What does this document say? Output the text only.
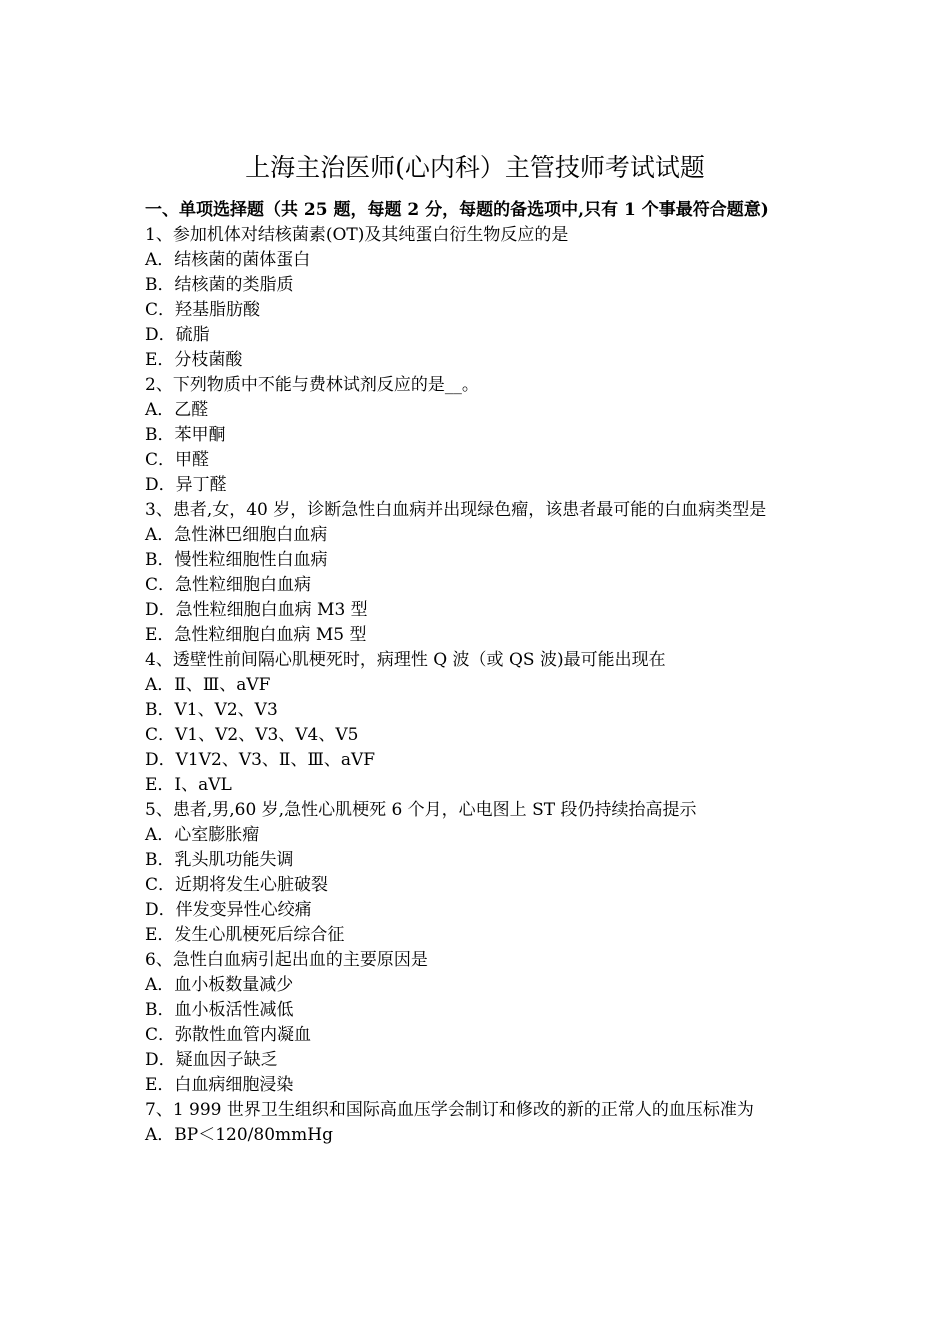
上海主治医师(心内科）主管技师考试试题

一、单项选择题（共 25 题，每题 2 分，每题的备选项中,只有 1 个事最符合题意)

1、参加机体对结核菌素(OT)及其纯蛋白衍生物反应的是

A．结核菌的菌体蛋白

B．结核菌的类脂质

C．羟基脂肪酸

D．硫脂

E．分枝菌酸

2、下列物质中不能与费林试剂反应的是__。

A．乙醛

B．苯甲酮

C．甲醛

D．异丁醛

3、患者,女，40 岁，诊断急性白血病并出现绿色瘤，该患者最可能的白血病类型是

A．急性淋巴细胞白血病

B．慢性粒细胞性白血病

C．急性粒细胞白血病

D．急性粒细胞白血病 M3 型

E．急性粒细胞白血病 M5 型

4、透壁性前间隔心肌梗死时，病理性 Q 波（或 QS 波)最可能出现在

A．Ⅱ、Ⅲ、aVF

B．V1、V2、V3

C．V1、V2、V3、V4、V5

D．V1V2、V3、Ⅱ、Ⅲ、aVF

E．I、aVL

5、患者,男,60 岁,急性心肌梗死 6 个月，心电图上 ST 段仍持续抬高提示

A．心室膨胀瘤

B．乳头肌功能失调

C．近期将发生心脏破裂

D．伴发变异性心绞痛

E．发生心肌梗死后综合征

6、急性白血病引起出血的主要原因是

A．血小板数量减少

B．血小板活性减低

C．弥散性血管内凝血

D．疑血因子缺乏

E．白血病细胞浸染

7、1 999 世界卫生组织和国际高血压学会制订和修改的新的正常人的血压标准为

A．BP＜120/80mmHg
